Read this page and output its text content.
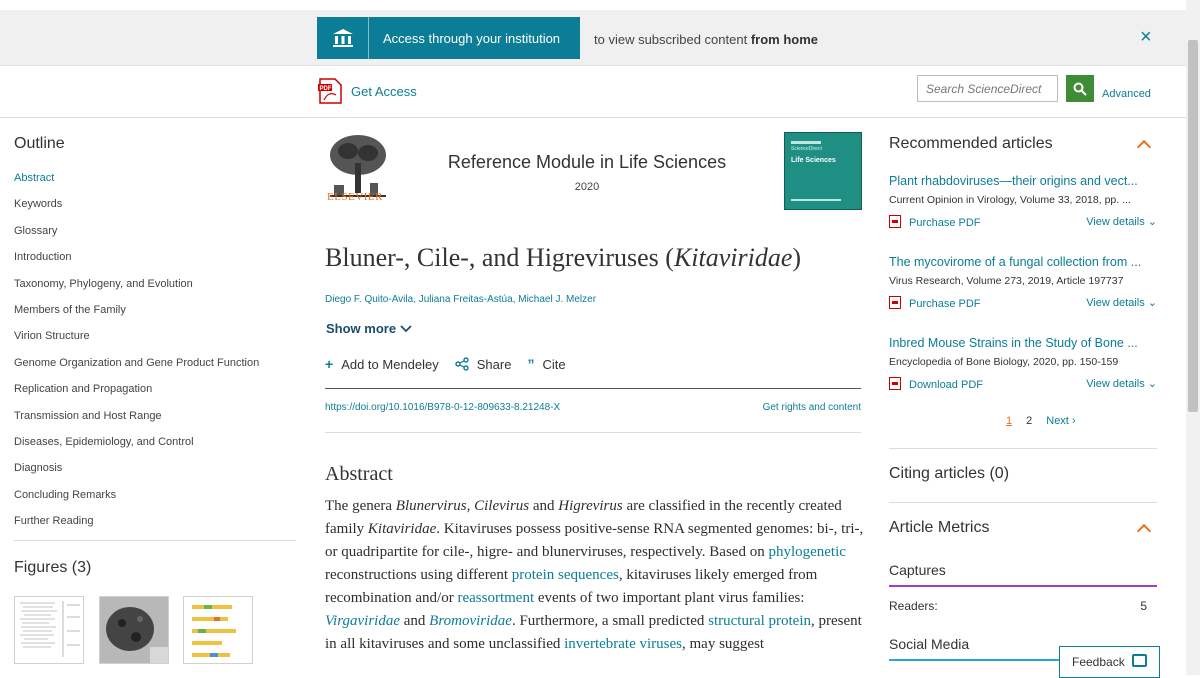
Access through your institution	to view subscribed content from home	×
PDF Get Access	Search ScienceDirect	Advanced
Outline
Abstract
Keywords
Glossary
Introduction
Taxonomy, Phylogeny, and Evolution
Members of the Family
Virion Structure
Genome Organization and Gene Product Function
Replication and Propagation
Transmission and Host Range
Diseases, Epidemiology, and Control
Diagnosis
Concluding Remarks
Further Reading
Figures (3)
ELSEVIER
Reference Module in Life Sciences
2020
ScienceDirect
Life Sciences
Bluner-, Cile-, and Higreviruses (Kitaviridae)
Diego F. Quito-Avila, Juliana Freitas-Astúa, Michael J. Melzer
Show more
+ Add to Mendeley	Share ” Cite
https://doi.org/10.1016/B978-0-12-809633-8.21248-X	Get rights and content
Abstract
The genera Blunervirus, Cilevirus and Higrevirus are classified in the recently created family Kitaviridae. Kitaviruses possess positive-sense RNA segmented genomes: bi-, tri-, or quadripartite for cile-, higre- and blunerviruses, respectively. Based on phylogenetic reconstructions using different protein sequences, kitaviruses likely emerged from recombination and/or reassortment events of two important plant virus families: Virgaviridae and Bromoviridae. Furthermore, a small predicted structural protein, present in all kitaviruses and some unclassified invertebrate viruses, may suggest
Recommended articles
Plant rhabdoviruses—their origins and vect...
Current Opinion in Virology, Volume 33, 2018, pp. ...
Purchase PDF	View details ⌄
The mycovirome of a fungal collection from ...
Virus Research, Volume 273, 2019, Article 197737
Purchase PDF	View details ⌄
Inbred Mouse Strains in the Study of Bone ...
Encyclopedia of Bone Biology, 2020, pp. 150-159
Download PDF	View details ⌄
1 2 Next ›
Citing articles (0)
Article Metrics
Captures
Readers:	5
Social Media
Feedback
